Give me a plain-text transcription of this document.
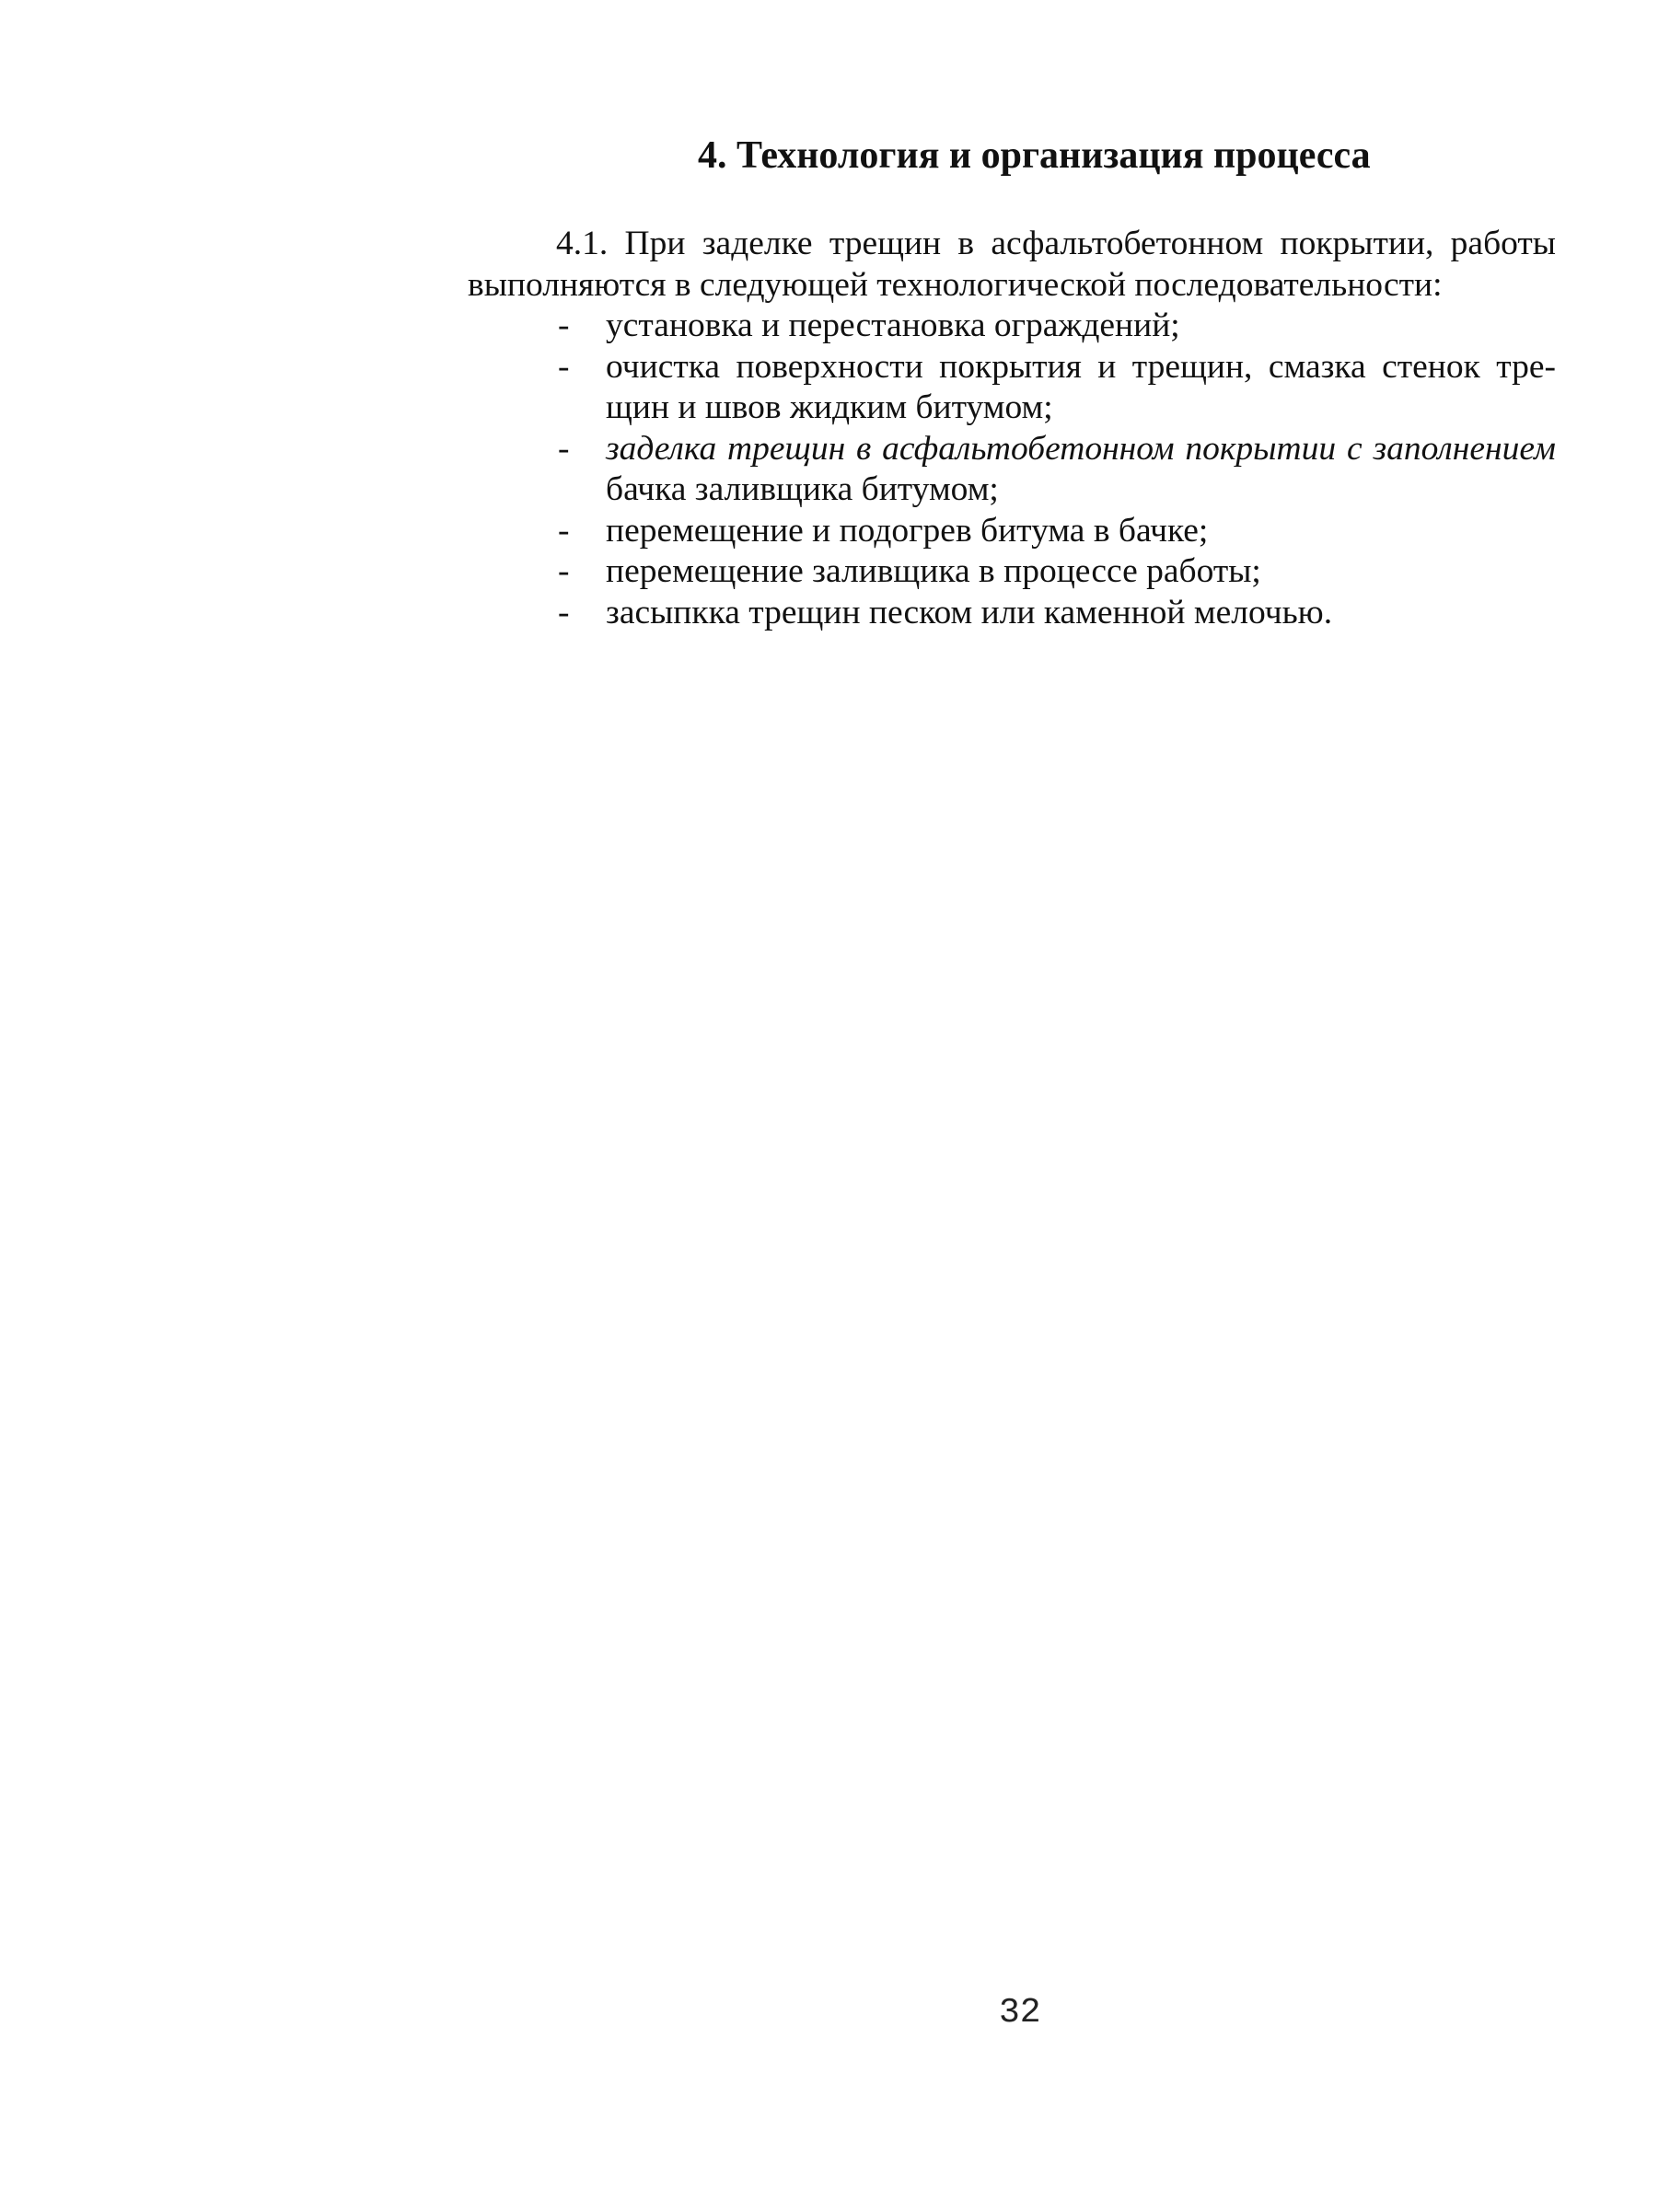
4. Технология и организация процесса
4.1. При заделке трещин в асфальтобетонном покрытии, работы
выполняются в следующей технологической последовательности:
- установка и перестановка ограждений;
- очистка поверхности покрытия и трещин, смазка стенок тре-
щин и швов жидким битумом;
- заделка трещин в асфальтобетонном покрытии с заполнением
бачка заливщика битумом;
- перемещение и подогрев битума в бачке;
- перемещение заливщика в процессе работы;
- засыпкка трещин песком или каменной мелочью.

32
